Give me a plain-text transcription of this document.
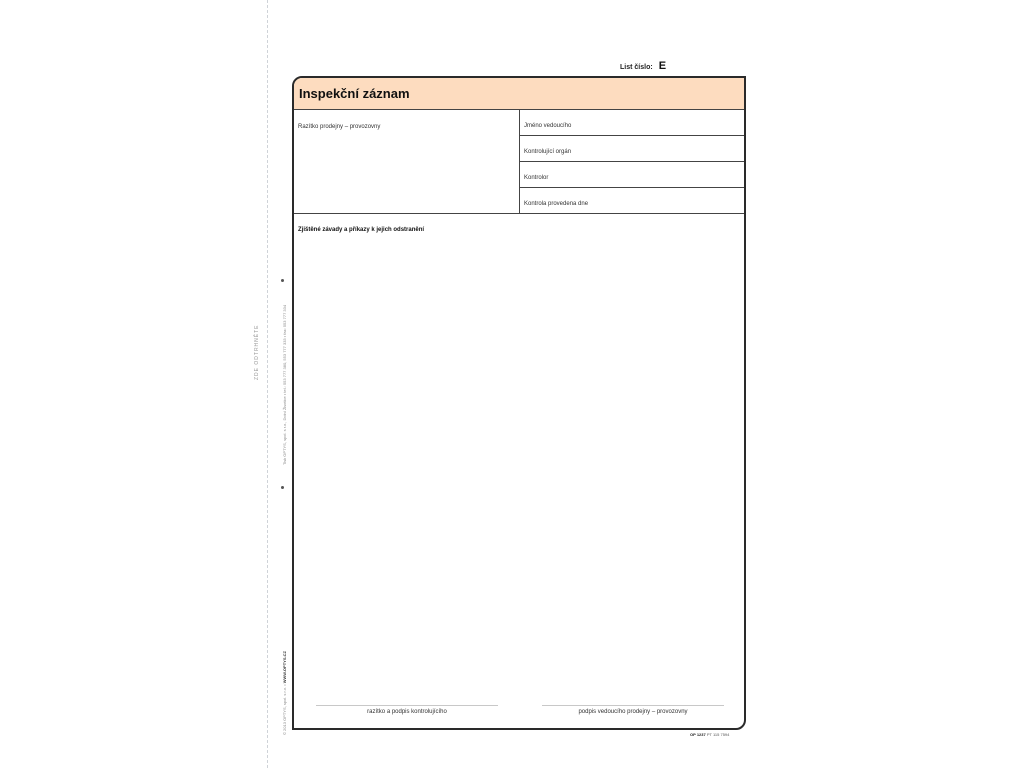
ZDE ODTRHNĚTE	Tisk OPTYS, spol. s r.o., Dolní Životice • tel.: 553 777 380, 553 777 333 • fax: 553 777 334
© 2013 OPTYS, spol. s r.o. • WWW.OPTYS.CZ
List číslo: E
Inspekční záznam
Razítko prodejny – provozovny	Jméno vedoucího
Kontrolující orgán
Kontrolor
Kontrola provedena dne
Zjištěné závady a příkazy k jejich odstranění
razítko a podpis kontrolujícího	podpis vedoucího prodejny – provozovny
OP 1237 PT 115 7594
